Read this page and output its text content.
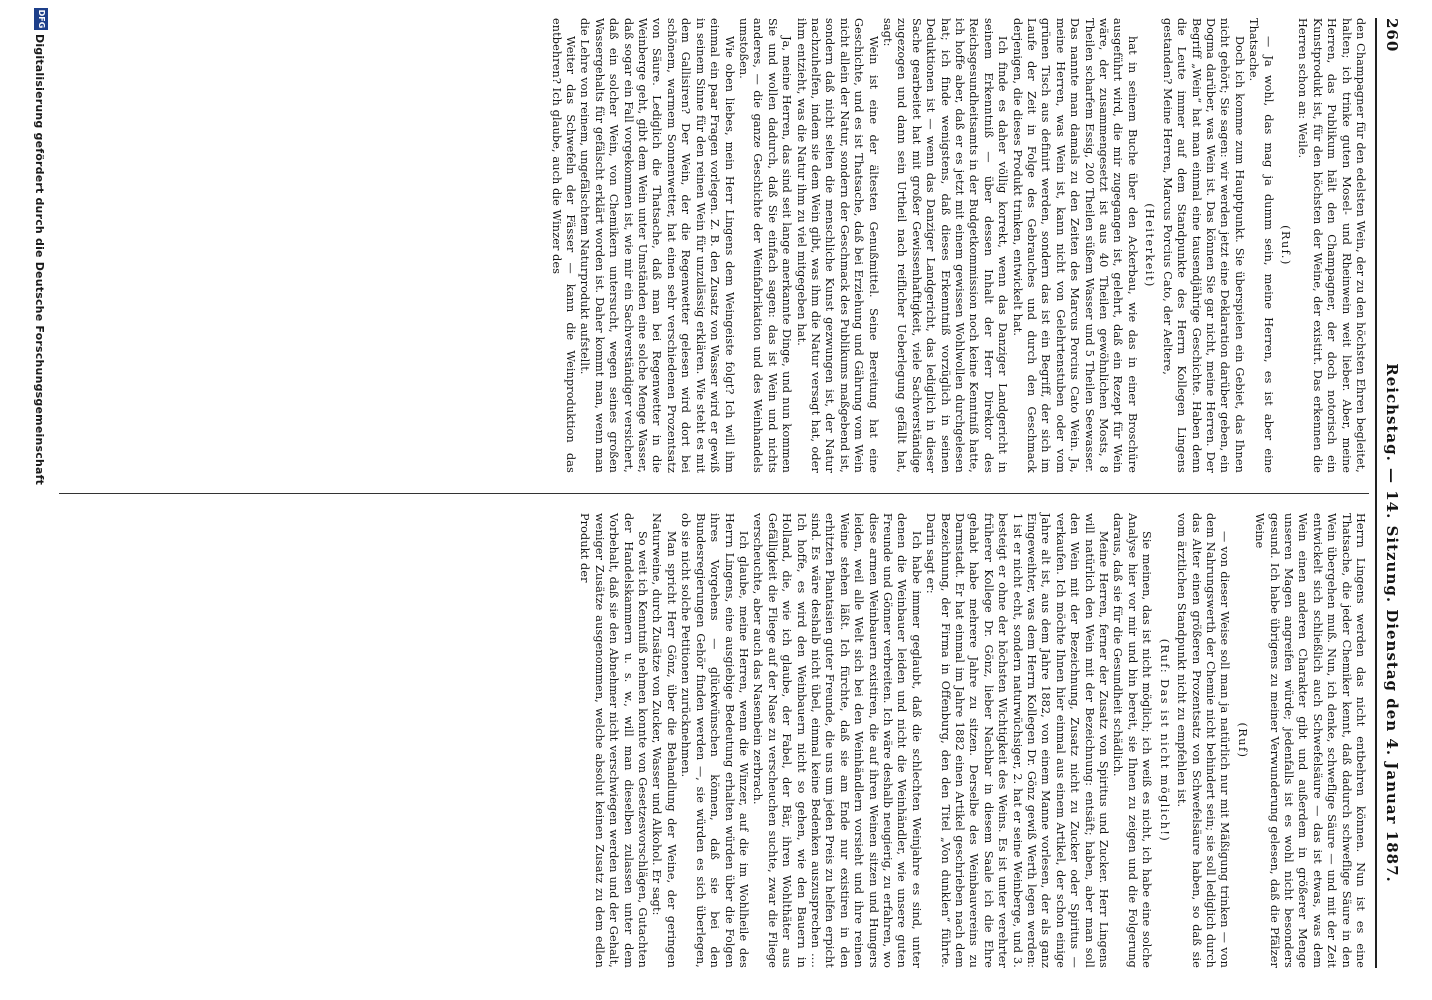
260
Reichstag. — 14. Sitzung. Dienstag den 4. Januar 1887.

den Champagner für den edelsten Wein, der zu den höchsten Ehren begleitet, halten; ich trinke guten Mosel- und Rheinwein weit lieber. Aber, meine Herren, das Publikum hält den Champagner, der doch notorisch ein Kunstprodukt ist, für den höchsten der Weine, der existirt. Das erkennen die Herren schon an: Weile.

(Ruf.)

— Ja wohl, das mag ja dumm sein, meine Herren, es ist aber eine Thatsache.

Doch ich komme zum Hauptpunkt. Sie überspielen ein Gebiet, das Ihnen nicht gehört; Sie sagen: wir werden jetzt eine Deklaration darüber geben, ein Dogma darüber, was Wein ist. Das können Sie gar nicht, meine Herren. Der Begriff „Wein“ hat man einmal eine tausendjährige Geschichte. Haben denn die Leute immer auf dem Standpunkte des Herrn Kollegen Lingens gestanden? Meine Herren, Marcus Porcius Cato, der Aeltere,

(Heiterkeit)

hat in seinem Buche über den Ackerbau, wie das in einer Broschüre ausgeführt wird, die mir zugegangen ist, gelehrt, daß ein Rezept für Wein wäre, der zusammengesetzt ist aus 40 Theilen gewöhnlichen Mosts, 8 Theilen scharfem Essig, 200 Theilen süßem Wasser und 5 Theilen Seewasser. Das nannte man damals zu den Zeiten des Marcus Porcius Cato Wein. Ja, meine Herren, was Wein ist, kann nicht von Gelehrtenstuben oder vom grünen Tisch aus definirt werden, sondern das ist ein Begriff, der sich im Laufe der Zeit in Folge des Gebrauches und durch den Geschmack derjenigen, die dieses Produkt trinken, entwickelt hat.

Ich finde es daher völlig korrekt, wenn das Danziger Landgericht in seinem Erkenntniß — über dessen Inhalt der Herr Direktor des Reichsgesundheitsamts in der Budgetkommission noch keine Kenntniß hatte, ich hoffe aber, daß er es jetzt mit einem gewissen Wohlwollen durchgelesen hat; ich finde wenigstens, daß dieses Erkenntniß vorzüglich in seinen Deduktionen ist — wenn das Danziger Landgericht, das lediglich in dieser Sache gearbeitet hat mit großer Gewissenhaftigkeit, viele Sachverständige zugezogen und dann sein Urtheil nach reiflicher Ueberlegung gefällt hat, sagt:

Wein ist eine der ältesten Genußmittel. Seine Bereitung hat eine Geschichte, und es ist Thatsache, daß bei Erziehung und Gährung vom Wein nicht allein der Natur, sondern der Geschmack des Publikums maßgebend ist, sondern daß nicht selten die menschliche Kunst gezwungen ist, der Natur nachzuhelfen, indem sie dem Wein gibt, was ihm die Natur versagt hat, oder ihm entzieht, was die Natur ihm zu viel mitgegeben hat.

Ja, meine Herren, das sind seit lange anerkannte Dinge, und nun kommen Sie und wollen dadurch, daß Sie einfach sagen: das ist Wein und nichts anderes, — die ganze Geschichte der Weinfabrikation und des Weinhandels umstoßen.

Wie oben liebes, mein Herr Lingens dem Weingeiste folgt? Ich will ihm einmal ein paar Fragen vorlegen. Z. B. den Zusatz von Wasser wird er gewiß in seinem Sinne für den reinen Wein für unzulässig erklären. Wie steht es mit dem Gallisiren? Der Wein, der die Regenwetter gelesen wird dort bei schönem, warmem Sonnenwetter, hat einen sehr verschiedenen Prozentsatz von Säure. Lediglich die Thatsache, daß man bei Regenwetter in die Weinberge geht, gibt dem Wein unter Umständen eine solche Menge Wasser, daß sogar ein Fall vorgekommen ist, wie mir ein Sachverständiger versichert, daß ein solcher Wein, von Chemikern untersucht, wegen seines großen Wassergehalts für gefälscht erklärt worden ist. Daher kommt man, wenn man die Lehre von reinem, ungefälschtem Naturprodukt aufstellt.

Weiter das Schwefeln der Fässer — kann die Weinproduktion das entbehren? Ich glaube, auch die Winzer des

Herrn Lingens werden das nicht entbehren können. Nun ist es eine Thatsache, die jeder Chemiker kennt, daß dadurch schweflige Säure in den Wein übergehen muß. Nun, ich denke, schweflige Säure — und mit der Zeit entwickelt sich schließlich auch Schwefelsäure — das ist etwas, was dem Wein einen anderen Charakter gibt und außerdem in größerer Menge unseren Magen angreifen würde; jedenfalls ist es wohl nicht besonders gesund. Ich habe übrigens zu meiner Verwunderung gelesen, daß die Pfälzer Weine

(Ruf)

— von dieser Weise soll man ja natürlich nur mit Mäßigung trinken — von dem Nahrungswerth der Chemie nicht behindert sein; sie soll lediglich durch das Alter einen größeren Prozentsatz von Schwefelsäure haben, so daß sie vom ärztlichen Standpunkt nicht zu empfehlen ist.

(Ruf: Das ist nicht möglich!)

Sie meinen, das ist nicht möglich; ich weiß es nicht, ich habe eine solche Analyse hier vor mir und bin bereit, sie Ihnen zu zeigen und die Folgerung daraus, daß sie für die Gesundheit schädlich.

Meine Herren, ferner der Zusatz von Spiritus und Zucker. Herr Lingens will natürlich den Wein mit der Bezeichnung: entsäft; haben, aber man soll den Wein mit der Bezeichnung, Zusatz nicht zu Zucker oder Spiritus — verkaufen. Ich möchte Ihnen hier einmal aus einem Artikel, der schon einige Jahre alt ist, aus dem Jahre 1882, von einem Manne vorlesen, der als ganz Eingeweihter, was dem Herrn Kollegen Dr. Gönz gewiß Werth legen werden: 1 ist er nicht echt, sondern naturwüchsiger, 2. hat er seine Weinberge, und 3. besteigt er ohne der höchsten Wichtigkeit des Weins. Es ist unter verehrter früherer Kollege Dr. Gönz, lieber Nachbar in diesem Saale ich die Ehre gehabt habe mehrere Jahre zu sitzen. Derselbe des Weinbauvereins zu Darmstadt. Er hat einmal im Jahre 1882 einen Artikel geschrieben nach dem Bezeichnung, der Firma in Offenburg, den den Titel „Von dunklen“ führte. Darin sagt er:

Ich habe immer geglaubt, daß die schlechten Weinjahre es sind, unter denen die Weinbauer leiden und nicht die Weinhändler, wie unsere guten Freunde und Gönner verbreiten. Ich wäre deshalb neugierig, zu erfahren, wo diese armen Weinbauern existiren, die auf ihren Weinen sitzen und Hungers leiden, weil alle Welt sich bei den Weinhändlern vorsieht und ihre reinen Weine stehen läßt. Ich fürchte, daß sie am Ende nur existiren in den erhitzten Phantasien guter Freunde, die uns um jeden Preis zu helfen erpicht sind. Es wäre deshalb nicht übel, einmal keine Bedenken auszusprechen .... Ich hoffe, es wird den Weinbauern nicht so gehen, wie den Bauern in Holland, die, wie ich glaube, der Fabel, der Bär, ihren Wohlthäter aus Gefälligkeit die Fliege auf der Nase zu verscheuchen suchte, zwar die Fliege verscheuchte, aber auch das Nasenbein zerbrach.

Ich glaube, meine Herren, wenn die Winzer, auf die im Wohlheile des Herrn Lingens, eine ausgiebige Bedeutung erhalten würden über die Folgen ihres Vorgehens — glückwünschen können, daß sie bei den Bundesregierungen Gehör finden werden —, sie würden es sich überlegen, ob sie nicht solche Petitionen zurücknehmen.

Man spricht Herr Gönz, über die Behandlung der Weine, der geringen Naturweine, durch Zusätze von Zucker, Wasser und Alkohol. Er sagt:

So weit ich Kenntniß nehmen konnte von Gesetzesvorschlägen, Gutachten der Handelskammern u. s. w., will man dieselben zulassen unter dem Vorbehalt, daß sie den Abnehmer nicht verschwiegen werden und der Gehalt, weniger Zusätze ausgenommen, welche absolut keinen Zusatz zu dem edlen Produkt der

DFG
Digitalisierung gefördert durch die Deutsche Forschungsgemeinschaft
